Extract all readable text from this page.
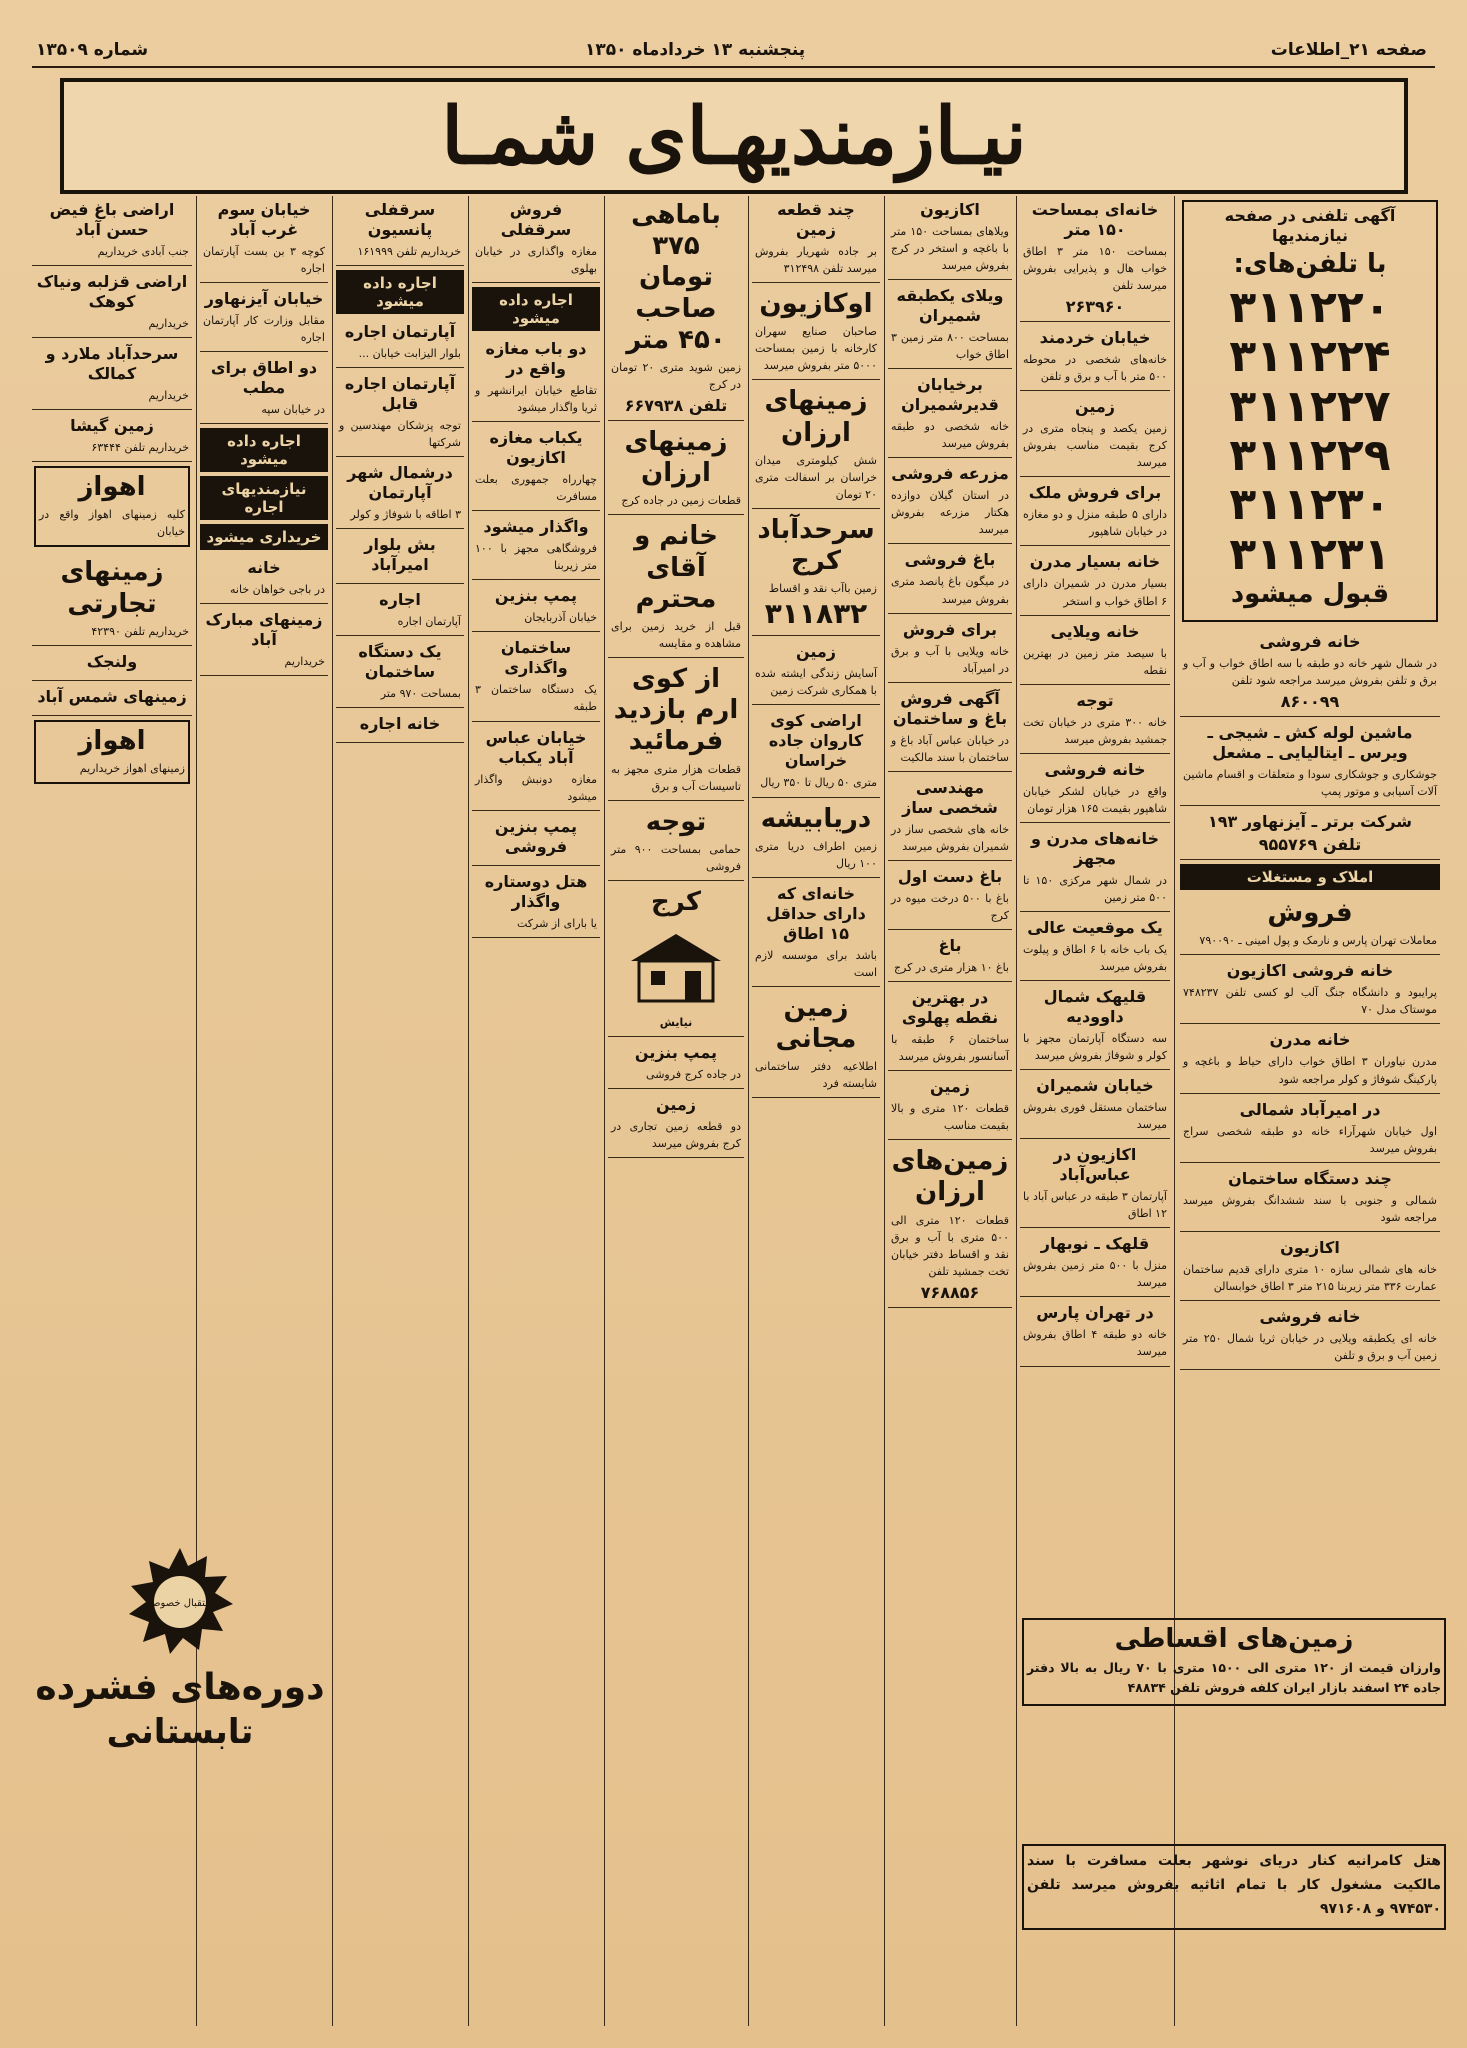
صفحه ۲۱_اطلاعات
پنجشنبه ۱۳ خردادماه ۱۳۵۰
شماره ۱۳۵۰۹
نیـازمندیهـای شمـا
آگهی تلفنی در صفحه نیازمندیها
با تلفن‌های:
۳۱۱۲۲۰
۳۱۱۲۲۴
۳۱۱۲۲۷
۳۱۱۲۲۹
۳۱۱۲۳۰
۳۱۱۲۳۱
قبول میشود
خانه فروشی

در شمال شهر خانه دو طبقه با سه اطاق خواب و آب و برق و تلفن بفروش میرسد مراجعه شود تلفن

۸۶۰۰۹۹
ماشین لوله کش ـ شیجی ـ ویرس ـ ایتالیایی ـ مشعل

جوشکاری و جوشکاری سودا و متعلقات و اقسام ماشین آلات آسیابی و موتور پمپ

شرکت برتر ـ آیزنهاور ۱۹۳
تلفن ۹۵۵۷۶۹
املاک و مستغلات
فروش

معاملات تهران پارس و نارمک و پول امینی ـ ۷۹۰۰۹۰

خانه فروشی اکازیون

پرایبود و دانشگاه جنگ آلب لو کسی تلفن ۷۴۸۲۳۷ موستاک مدل ۷۰

خانه مدرن

مدرن نیاوران ۳ اطاق خواب دارای حیاط و باغچه و پارکینگ شوفاژ و کولر مراجعه شود

در امیرآباد شمالی

اول خیابان شهرآراء خانه دو طبقه شخصی سراج بفروش میرسد

چند دستگاه ساختمان

شمالی و جنوبی با سند ششدانگ بفروش میرسد مراجعه شود

اکازیون

خانه های شمالی سازه ۱۰ متری دارای قدیم ساختمان عمارت ۳۳۶ متر زیربنا ۲۱۵ متر ۳ اطاق خوابسالن

خانه فروشی

خانه ای یکطبقه ویلایی در خیابان ثریا شمال ۲۵۰ متر زمین آب و برق و تلفن

زمین‌های اقساطی

وارزان قیمت از ۱۲۰ متری الی ۱۵۰۰ متری با ۷۰ ریال به بالا دفتر جاده ۲۴ اسفند بازار ایران کلفه فروش تلفن ۴۸۸۳۴

هتل کامرانیه کنار دریای نوشهر بعلت مسافرت با سند مالکیت مشغول کار با تمام اثاثیه بفروش میرسد تلفن ۹۷۴۵۳۰ و ۹۷۱۶۰۸

خانه‌ای بمساحت ۱۵۰ متر

بمساحت ۱۵۰ متر ۳ اطاق خواب هال و پذیرایی بفروش میرسد تلفن

۲۶۳۹۶۰
خیابان خردمند

خانه‌های شخصی در محوطه ۵۰۰ متر با آب و برق و تلفن

زمین

زمین یکصد و پنجاه متری در کرج بقیمت مناسب بفروش میرسد

برای فروش ملک

دارای ۵ طبقه منزل و دو مغازه در خیابان شاهپور

خانه بسیار مدرن

بسیار مدرن در شمیران دارای ۶ اطاق خواب و استخر

خانه ویلایی

با سیصد متر زمین در بهترین نقطه

توجه

خانه ۳۰۰ متری در خیابان تخت جمشید بفروش میرسد

خانه فروشی

واقع در خیابان لشکر خیابان شاهپور بقیمت ۱۶۵ هزار تومان

خانه‌های مدرن و مجهز

در شمال شهر مرکزی ۱۵۰ تا ۵۰۰ متر زمین

یک موقعیت عالی

یک باب خانه با ۶ اطاق و پیلوت بفروش میرسد

قلیهک شمال داوودیه

سه دستگاه آپارتمان مجهز با کولر و شوفاژ بفروش میرسد

خیابان شمیران

ساختمان مستقل فوری بفروش میرسد

اکازیون در عباس‌آباد

آپارتمان ۳ طبقه در عباس آباد با ۱۲ اطاق

قلهک ـ نوبهار

منزل با ۵۰۰ متر زمین بفروش میرسد

در تهران پارس

خانه دو طبقه ۴ اطاق بفروش میرسد

اکازیون

ویلاهای بمساحت ۱۵۰ متر با باغچه و استخر در کرج بفروش میرسد

ویلای یکطبقه شمیران

بمساحت ۸۰۰ متر زمین ۳ اطاق خواب

برخیابان قدیرشمیران

خانه شخصی دو طبقه بفروش میرسد

مزرعه فروشی

در استان گیلان دوازده هکتار مزرعه بفروش میرسد

باغ فروشی

در میگون باغ پانصد متری بفروش میرسد

برای فروش

خانه ویلایی با آب و برق در امیرآباد

آگهی فروش باغ و ساختمان

در خیابان عباس آباد باغ و ساختمان با سند مالکیت

مهندسی شخصی ساز

خانه های شخصی ساز در شمیران بفروش میرسد

باغ دست اول

باغ با ۵۰۰ درخت میوه در کرج

باغ

باغ ۱۰ هزار متری در کرج

در بهترین نقطه پهلوی

ساختمان ۶ طبقه با آسانسور بفروش میرسد

زمین

قطعات ۱۲۰ متری و بالا بقیمت مناسب

زمین‌های ارزان

قطعات ۱۲۰ متری الی ۵۰۰ متری با آب و برق نقد و اقساط دفتر خیابان تخت جمشید تلفن

۷۶۸۸۵۶
چند قطعه زمین

بر جاده شهریار بفروش میرسد تلفن ۳۱۲۴۹۸

اوکازیون

صاحبان صنایع سهران کارخانه با زمین بمساحت ۵۰۰۰ متر بفروش میرسد

زمینهای ارزان

شش کیلومتری میدان خراسان بر اسفالت متری ۲۰ تومان

سرحدآباد کرج

زمین باآب نقد و اقساط

۳۱۱۸۳۲
زمین

آسایش زندگی ایشته شده با همکاری شرکت زمین

اراضی کوی کاروان جاده خراسان

متری ۵۰ ریال تا ۳۵۰ ریال

دریابیشه

زمین اطراف دریا متری ۱۰۰ ریال

خانه‌ای که دارای حداقل ۱۵ اطاق

باشد برای موسسه لازم است

زمین مجانی

اطلاعیه دفتر ساختمانی شایسته فرد

باماهی ۳۷۵ تومان صاحب ۴۵۰ متر

زمین شوید متری ۲۰ تومان در کرج

تلفن ۶۶۷۹۳۸
زمینهای ارزان

قطعات زمین در جاده کرج

خانم و آقای محترم

قبل از خرید زمین برای مشاهده و مقایسه

از کوی ارم بازدید فرمائید

قطعات هزار متری مجهز به تاسیسات آب و برق

توجه

حمامی بمساحت ۹۰۰ متر فروشی

کرج

نیایش

پمپ بنزین

در جاده کرج فروشی

زمین

دو قطعه زمین تجاری در کرج بفروش میرسد

فروش سرقفلی

مغازه واگذاری در خیابان بهلوی

اجاره داده میشود
دو باب مغازه واقع در

تقاطع خیابان ایرانشهر و ثریا واگذار میشود

یکباب مغازه اکازیون

چهارراه جمهوری بعلت مسافرت

واگذار میشود

فروشگاهی مجهز با ۱۰۰ متر زیربنا

پمپ بنزین

خیابان آذربایجان

ساختمان واگذاری

یک دستگاه ساختمان ۳ طبقه

خیابان عباس آباد یکباب

مغازه دونبش واگذار میشود

پمپ بنزین فروشی

هتل دوستاره واگذار

یا بارای از شرکت

سرقفلی پانسیون

خریداریم تلفن ۱۶۱۹۹۹

اجاره داده میشود
آپارتمان اجاره

بلوار الیزابت خیابان ...

آپارتمان اجاره قابل

توجه پزشکان مهندسین و شرکتها

درشمال شهر آپارتمان

۳ اطاقه با شوفاژ و کولر

بش بلوار امیرآباد

اجاره

آپارتمان اجاره

یک دستگاه ساختمان

بمساحت ۹۷۰ متر

خانه اجاره

خیابان سوم غرب آباد

کوچه ۳ بن بست آپارتمان اجاره

خیابان آیزنهاور

مقابل وزارت کار آپارتمان اجاره

دو اطاق برای مطب

در خیابان سپه

اجاره داده میشود
نیازمندیهای اجاره
خریداری میشود
خانه

در باجی خواهان خانه

زمینهای مبارک آباد

خریداریم

اراضی باغ فیض حسن آباد

جنب آبادی خریداریم

اراضی قزلبه ونیاک کوهک

خریداریم

سرحدآباد ملارد و کمالک

خریداریم

زمین گیشا

خریداریم تلفن ۶۳۴۴۴

اهواز

کلیه زمینهای اهواز واقع در خیابان

زمینهای تجارتی

خریداریم تلفن ۴۲۳۹۰

ولنجک
زمینهای شمس آباد
اهواز

زمینهای اهواز خریداریم

استقبال خصوصی
دوره‌های فشرده
تابستانی
